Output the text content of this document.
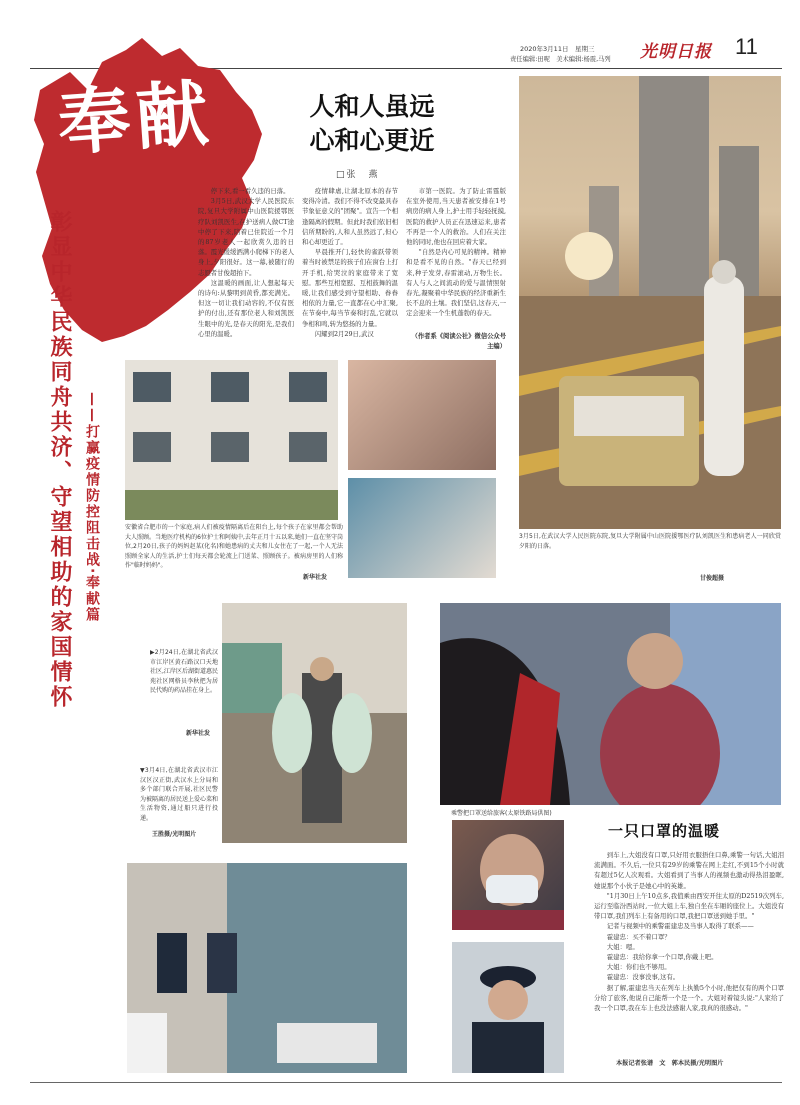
2020年3月11日　星期三
责任编辑:田呢　美术编辑:杨震,马列 光明日报 11
奉献
彰显中华民族同舟共济、守望相助的家国情怀 ——打赢疫情防控阻击战·奉献篇
人和人虽远
心和心更近
□张　燕

停下来,看一看久违的日落。

3月5日,武汉大学人民医院东院,复旦大学附属中山医院援鄂医疗队刘凯医生,在护送病人做CT途中停了下来,陪着已住院近一个月的87岁老人一起欣赏久违的日落。霞光缓缓洒满小爬梯下的老人身上,夕阳很好。这一幕,被随行的志愿者甘俊超拍下。

这温暖的画面,让人想起每天的诗句:从黎明到黄昏,都充满光。但这一切让我们动容的,不仅有医护的付出,还有那位老人和刘凯医生眼中的光,是春天的阳光,是我们心里的温暖。

疫情肆虐,让湖北原本的春节变得冷清。我们不得不改变最具春节象征意义的"团聚"。宣告一个相逢隔离的假期。但此时我们依旧相信所期盼的,人和人虽然远了,但心和心却更近了。

早晨推开门,轻快的雀跃带领着当时被禁足的孩子们在窗台上打开手机,给哭泣的家庭带来了宽慰。那些互相宽慰、互相鼓舞的温暖,让我们感受到守望相助、眷眷相依的力量,它一直都在心中汇聚,在节奏中,每当节奏和打乱,它就以争相和鸣,转为悠扬的力量。

闪耀到2月29日,武汉

市第一医院。为了防止雷霆版在室外使用,当天患者被安排在1号病房的病人身上,护士用手轻轻抚摸,医院的救护人员正在迅速运来,患者不再是一个人的救治。人们在关注他的同时,他也在回应着大家。

"自然是内心可见的精神。精神和是看不见的自然。"春天已经到来,种子发芽,春雷滚动,万物生长。有人与人之间流动的爱与温情照射春光,凝聚着中华民族的经济重新生长不息的土壤。我们坚信,这春天,一定会迎来一个生机蓬勃的春天。

（作者系《阅读公社》微信公众号主编）
3月5日,在武汉大学人民医院东院,复旦大学附属中山医院援鄂医疗队刘凯医生和患病老人一同欣赏夕阳的日落。
甘俊超摄
安徽省合肥市的一个家庭,病人们被疫情隔离后在阳台上,每个孩子在家里都会帮助大人照顾。当地医疗机构的6位护士和阿姨中,去年正月十五以来,她们一直在坚守岗位,2月20日,孩子的妈妈赵某(化名)和她患病的丈夫和儿女住在了一起,一个人无法照顾全家人的生活,护士们每天都会轮流上门送菜、照顾孩子。被病房里的人们称作"临时妈妈"。
新华社发
▶2月24日,在湖北省武汉市江岸区黄石路汉口天地社区,江岸区后湖街道惠民苑社区网格员李秋把为居民代购的药品挂在身上。
新华社发
▼3月4日,在湖北省武汉市江汉区汉正街,武汉水上分局和多个部门联合开展,社区民警为被隔离的居民送上爱心菜和生活物资,通过船只进行投递。
王胜摄/光明图片
乘警把口罩送给旅客(太原铁路局供图)
一只口罩的温暖

到车上,大姐没有口罩,只好用衣服捂住口鼻,乘警一句话,大姐泪流满面。不久后,一位只有29岁的乘警在网上走红,不到15个小时就有超过5亿人次观看。大姐看到了当事人的视频也激动得热泪盈眶,她说那个小伙子是她心中的英雄。

"1月30日上午10点多,我值乘由西安开往太原的D2519次列车,运行至临汾西站时,一位大姐上车,独自坐在车厢的座位上。大姐没有带口罩,我们列车上有备用的口罩,我把口罩送到她手里。"

记者与视频中的乘警霍建忠及当事人取得了联系——

霍建忠：买不着口罩？

大姐：嗯。

霍建忠：我给你拿一个口罩,你戴上吧。

大姐：你们也不够用。

霍建忠：没事没事,这有。

据了解,霍建忠当天在列车上执勤5个小时,他把仅有的两个口罩分给了旅客,他说自己能帮一个是一个。大姐对着镜头说:"人家给了我一个口罩,我在车上也没法感谢人家,我真的很感动。"

本报记者张谱　文　郭本民摄/光明图片
